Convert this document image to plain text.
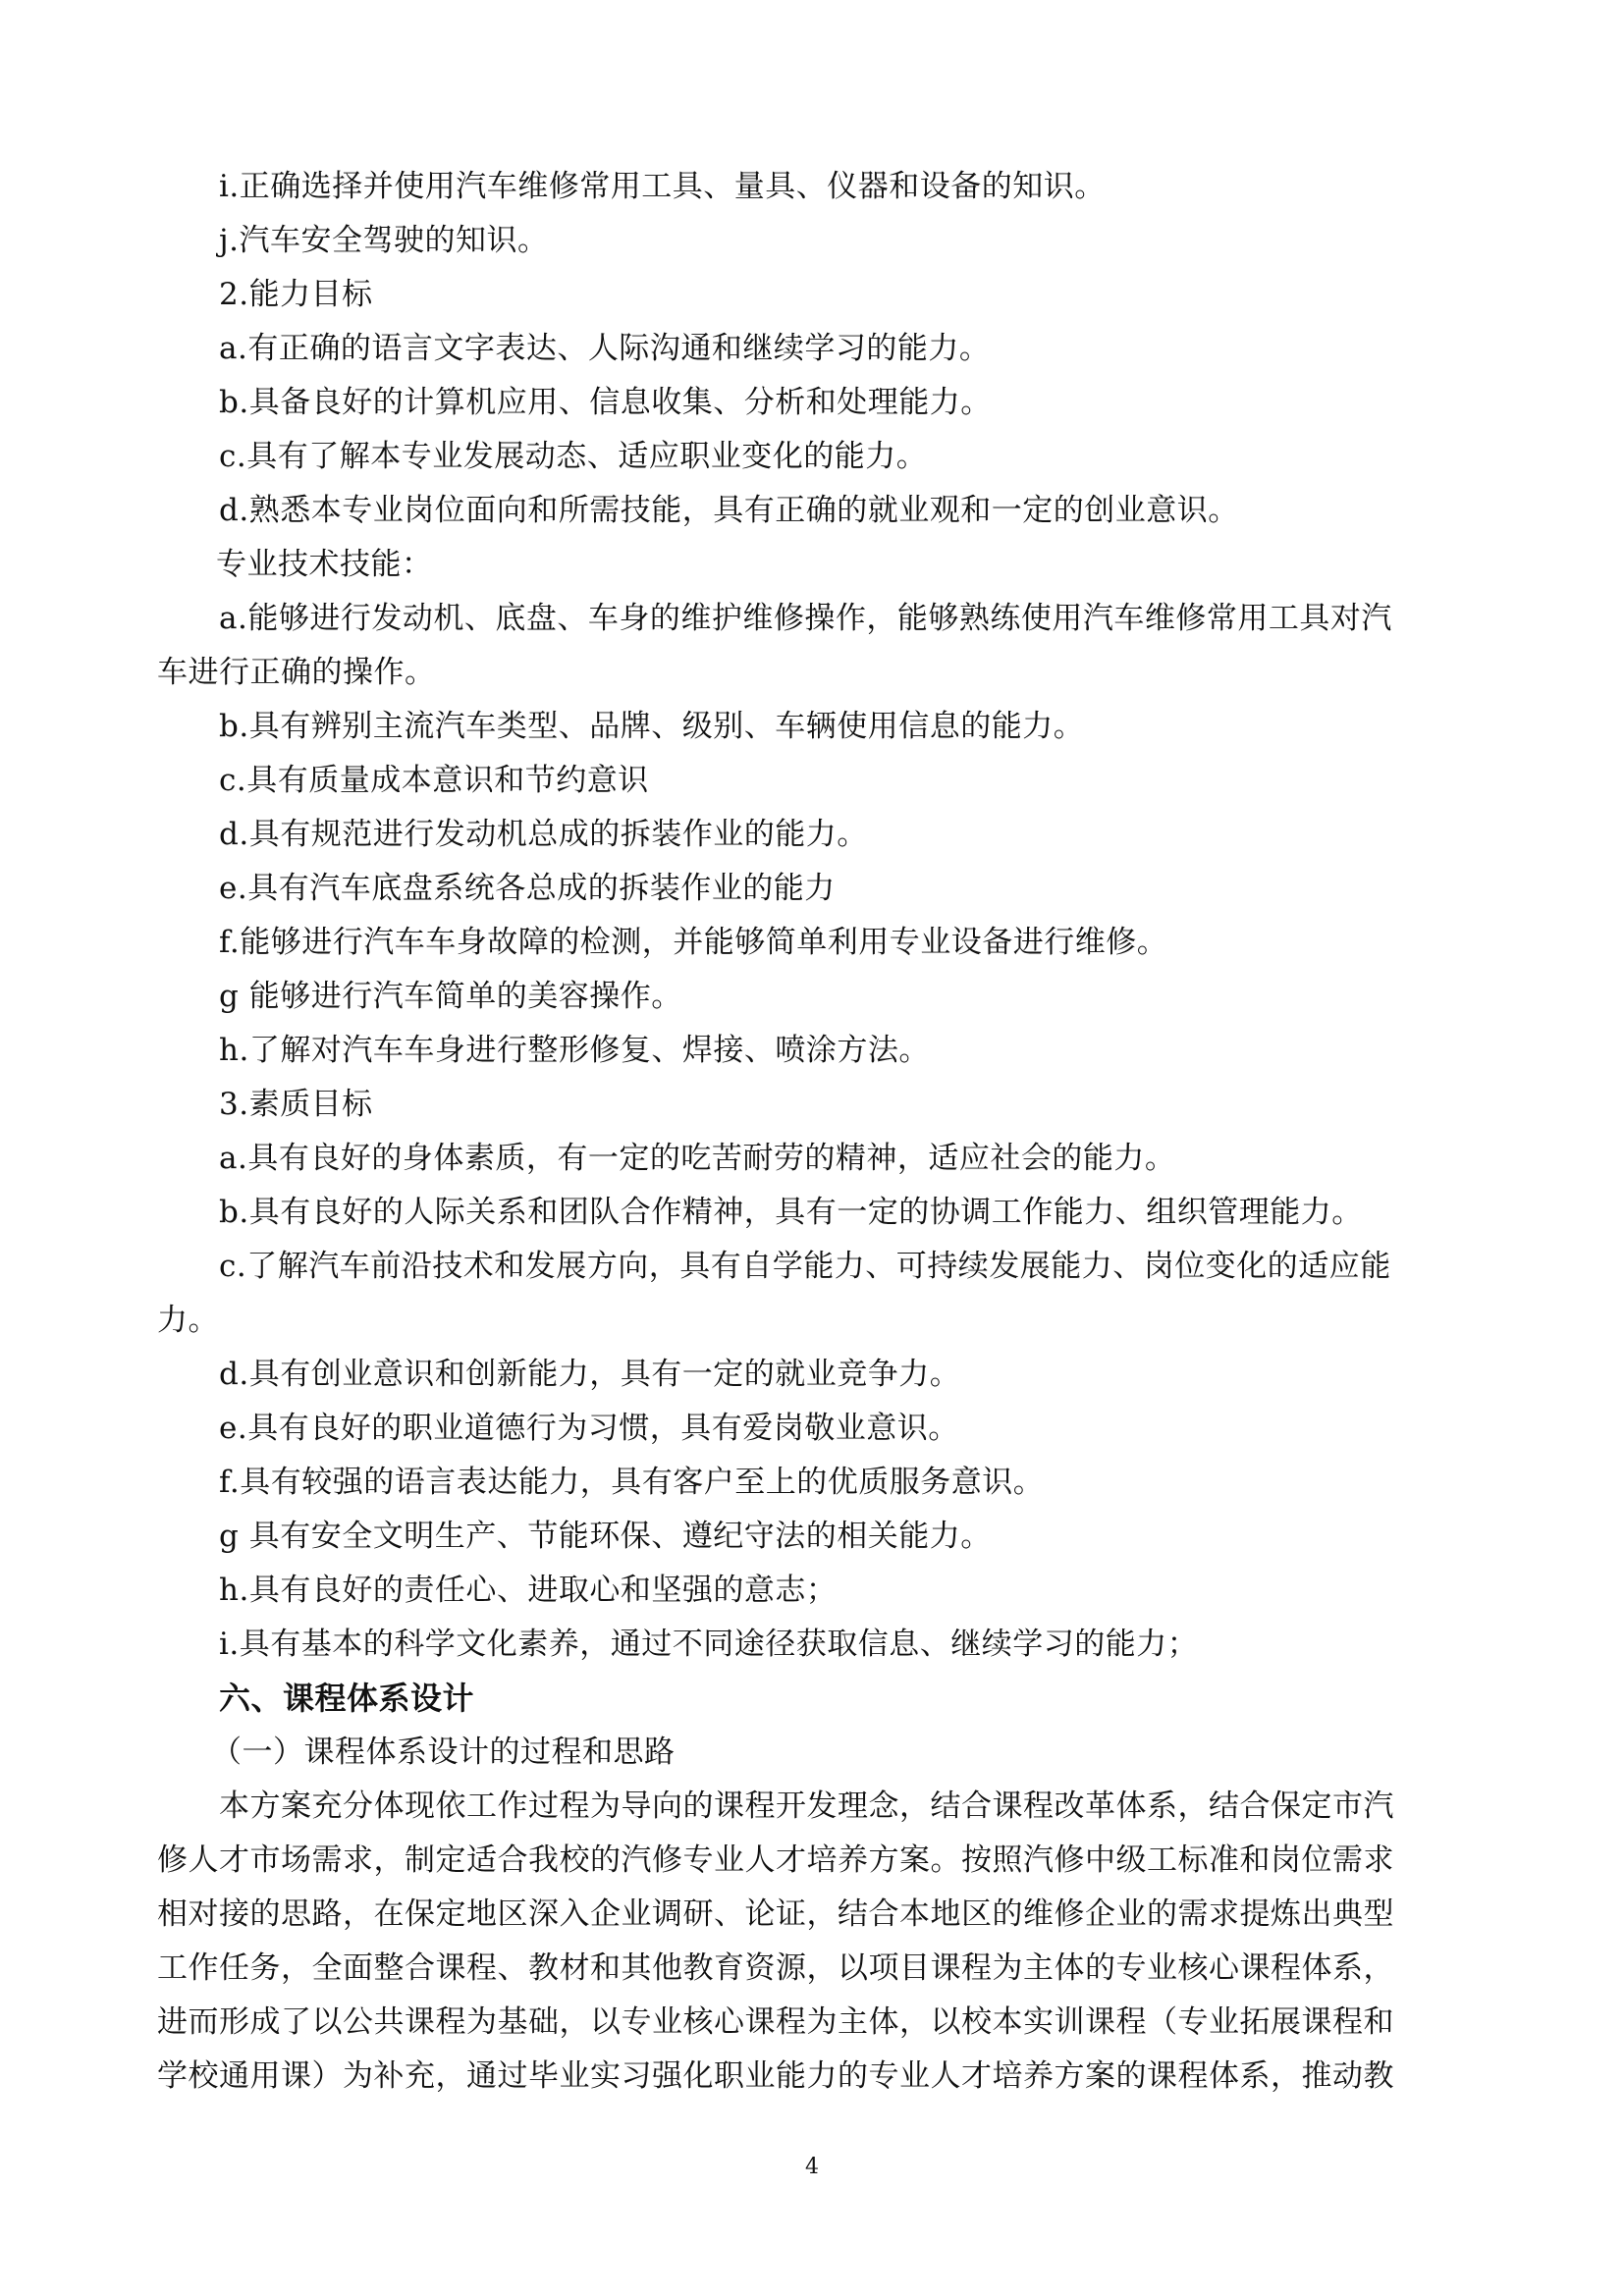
i.正确选择并使用汽车维修常用工具、量具、仪器和设备的知识。
j.汽车安全驾驶的知识。
2.能力目标
a.有正确的语言文字表达、人际沟通和继续学习的能力。
b.具备良好的计算机应用、信息收集、分析和处理能力。
c.具有了解本专业发展动态、适应职业变化的能力。
d.熟悉本专业岗位面向和所需技能，具有正确的就业观和一定的创业意识。
专业技术技能：
a.能够进行发动机、底盘、车身的维护维修操作，能够熟练使用汽车维修常用工具对汽
车进行正确的操作。
b.具有辨别主流汽车类型、品牌、级别、车辆使用信息的能力。
c.具有质量成本意识和节约意识
d.具有规范进行发动机总成的拆装作业的能力。
e.具有汽车底盘系统各总成的拆装作业的能力
f.能够进行汽车车身故障的检测，并能够简单利用专业设备进行维修。
g 能够进行汽车简单的美容操作。
h.了解对汽车车身进行整形修复、焊接、喷涂方法。
3.素质目标
a.具有良好的身体素质，有一定的吃苦耐劳的精神，适应社会的能力。
b.具有良好的人际关系和团队合作精神，具有一定的协调工作能力、组织管理能力。
c.了解汽车前沿技术和发展方向，具有自学能力、可持续发展能力、岗位变化的适应能
力。
d.具有创业意识和创新能力，具有一定的就业竞争力。
e.具有良好的职业道德行为习惯，具有爱岗敬业意识。
f.具有较强的语言表达能力，具有客户至上的优质服务意识。
g 具有安全文明生产、节能环保、遵纪守法的相关能力。
h.具有良好的责任心、进取心和坚强的意志；
i.具有基本的科学文化素养，通过不同途径获取信息、继续学习的能力；
六、课程体系设计
（一）课程体系设计的过程和思路
本方案充分体现依工作过程为导向的课程开发理念，结合课程改革体系，结合保定市汽
修人才市场需求，制定适合我校的汽修专业人才培养方案。按照汽修中级工标准和岗位需求
相对接的思路，在保定地区深入企业调研、论证，结合本地区的维修企业的需求提炼出典型
工作任务，全面整合课程、教材和其他教育资源，以项目课程为主体的专业核心课程体系，
进而形成了以公共课程为基础，以专业核心课程为主体，以校本实训课程（专业拓展课程和
学校通用课）为补充，通过毕业实习强化职业能力的专业人才培养方案的课程体系，推动教
4
